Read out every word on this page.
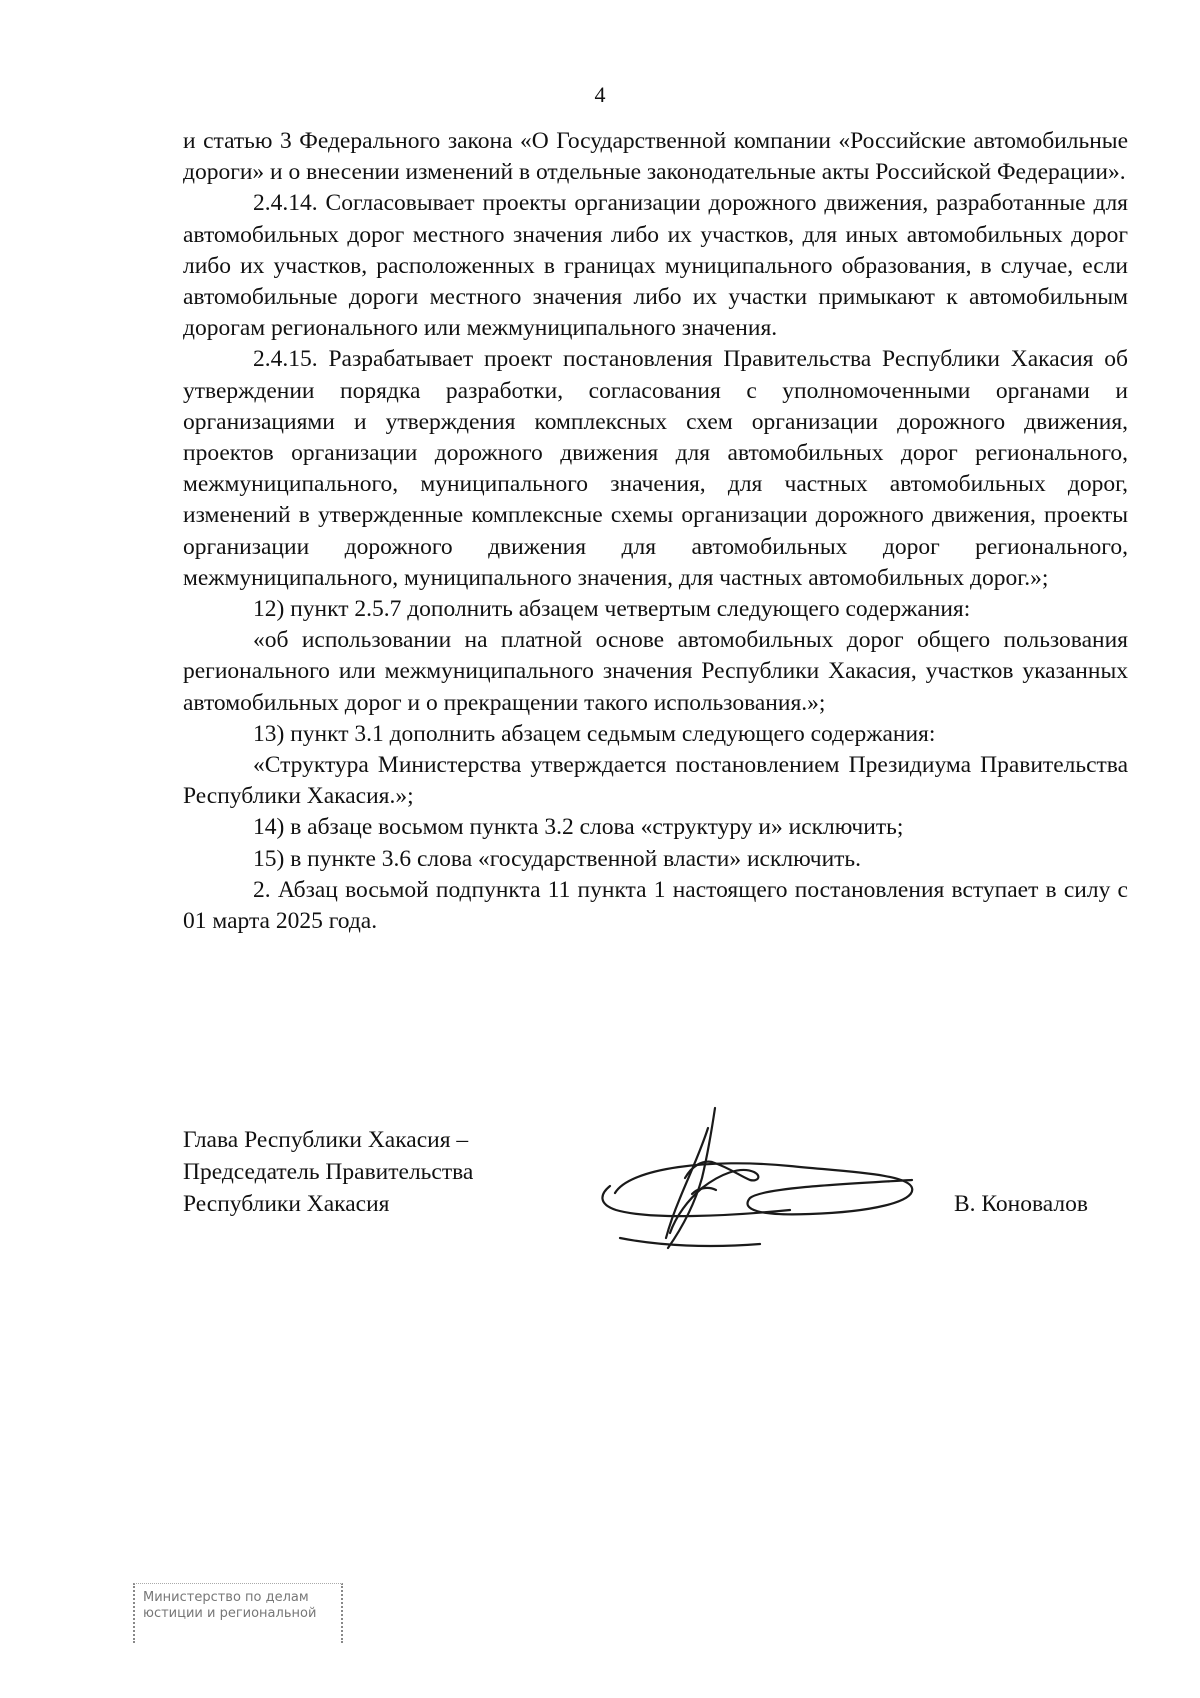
4

и статью 3 Федерального закона «О Государственной компании «Российские автомобильные дороги» и о внесении изменений в отдельные законодательные акты Российской Федерации».

2.4.14. Согласовывает проекты организации дорожного движения, разработанные для автомобильных дорог местного значения либо их участков, для иных автомобильных дорог либо их участков, расположенных в границах муниципального образования, в случае, если автомобильные дороги местного значения либо их участки примыкают к автомобильным дорогам регионального или межмуниципального значения.

2.4.15. Разрабатывает проект постановления Правительства Республики Хакасия об утверждении порядка разработки, согласования с уполномоченными органами и организациями и утверждения комплексных схем организации дорожного движения, проектов организации дорожного движения для автомобильных дорог регионального, межмуниципального, муниципального значения, для частных автомобильных дорог, изменений в утвержденные комплексные схемы организации дорожного движения, проекты организации дорожного движения для автомобильных дорог регионального, межмуниципального, муниципального значения, для частных автомобильных дорог.»;

12) пункт 2.5.7 дополнить абзацем четвертым следующего содержания:

«об использовании на платной основе автомобильных дорог общего пользования регионального или межмуниципального значения Республики Хакасия, участков указанных автомобильных дорог и о прекращении такого использования.»;

13) пункт 3.1 дополнить абзацем седьмым следующего содержания:

«Структура Министерства утверждается постановлением Президиума Правительства Республики Хакасия.»;

14) в абзаце восьмом пункта 3.2 слова «структуру и» исключить;

15) в пункте 3.6 слова «государственной власти» исключить.

2. Абзац восьмой подпункта 11 пункта 1 настоящего постановления вступает в силу с 01 марта 2025 года.

Глава Республики Хакасия –
Председатель Правительства
Республики Хакасия	В. Коновалов
Министерство по делам
юстиции и региональной
